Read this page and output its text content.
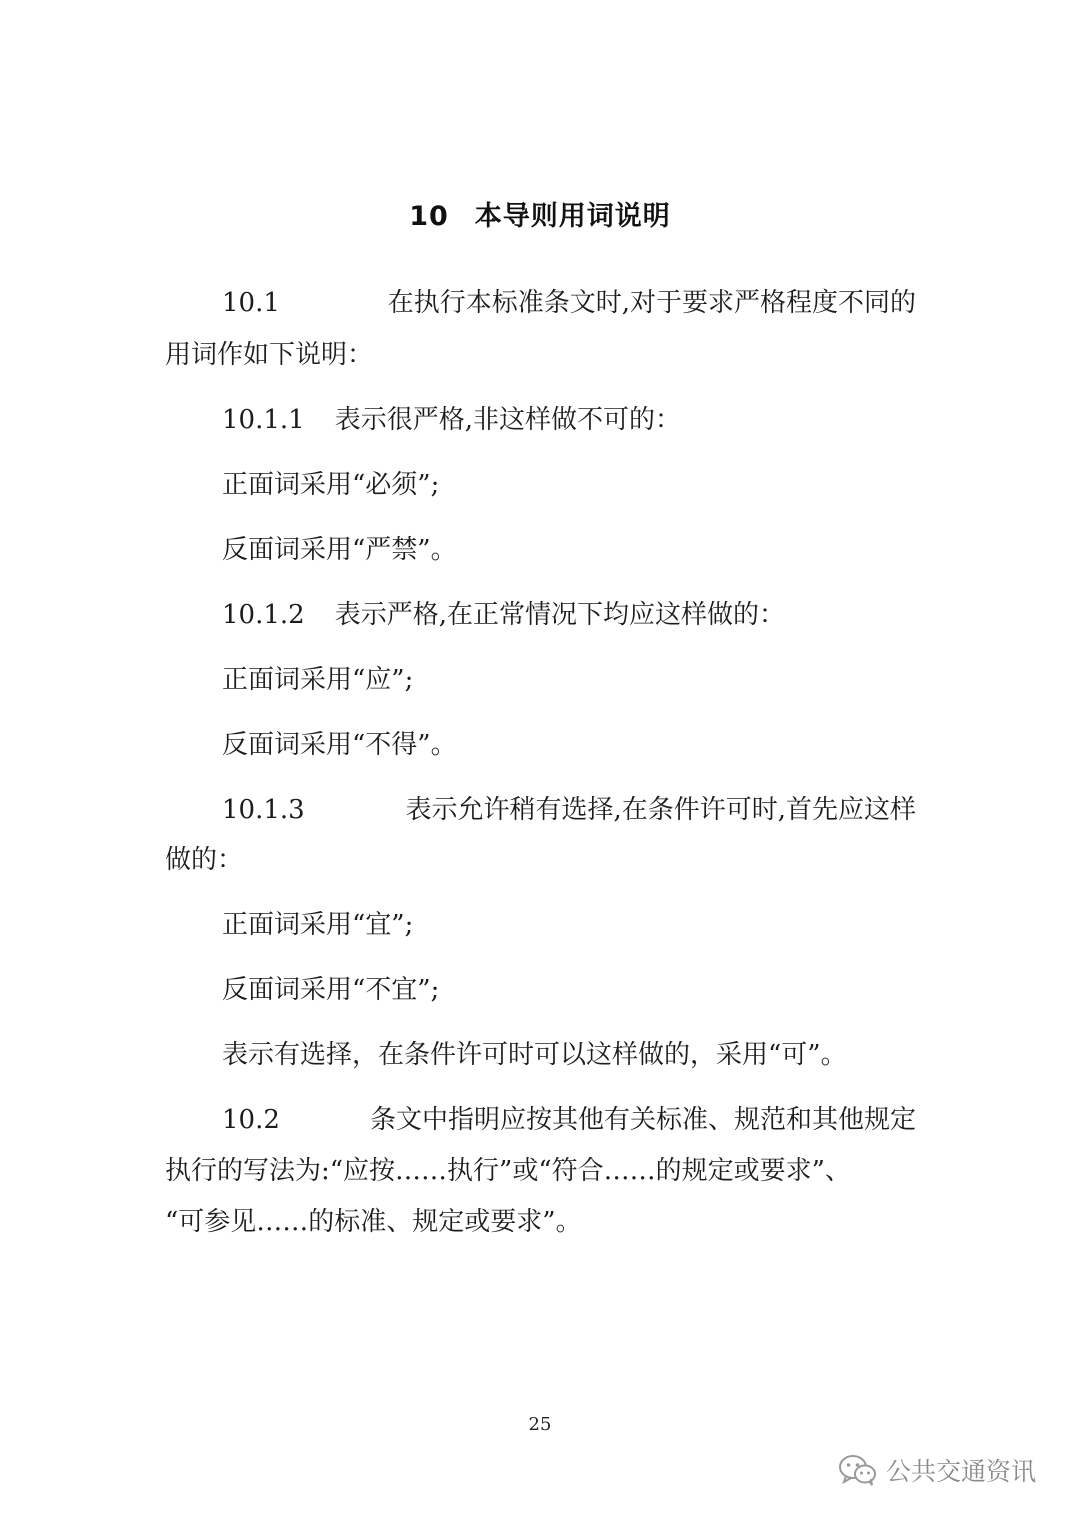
10 本导则用词说明
10.1	在执行本标准条文时,对于要求严格程度不同的
用词作如下说明：
10.1.1 表示很严格,非这样做不可的：
正面词采用“必须”;
反面词采用“严禁”。
10.1.2 表示严格,在正常情况下均应这样做的：
正面词采用“应”;
反面词采用“不得”。
10.1.3	表示允许稍有选择,在条件许可时,首先应这样
做的：
正面词采用“宜”;
反面词采用“不宜”;
表示有选择，在条件许可时可以这样做的，采用“可”。
10.2	条文中指明应按其他有关标准、规范和其他规定
执行的写法为:“应按……执行”或“符合……的规定或要求”、
“可参见……的标准、规定或要求”。
25
公共交通资讯
